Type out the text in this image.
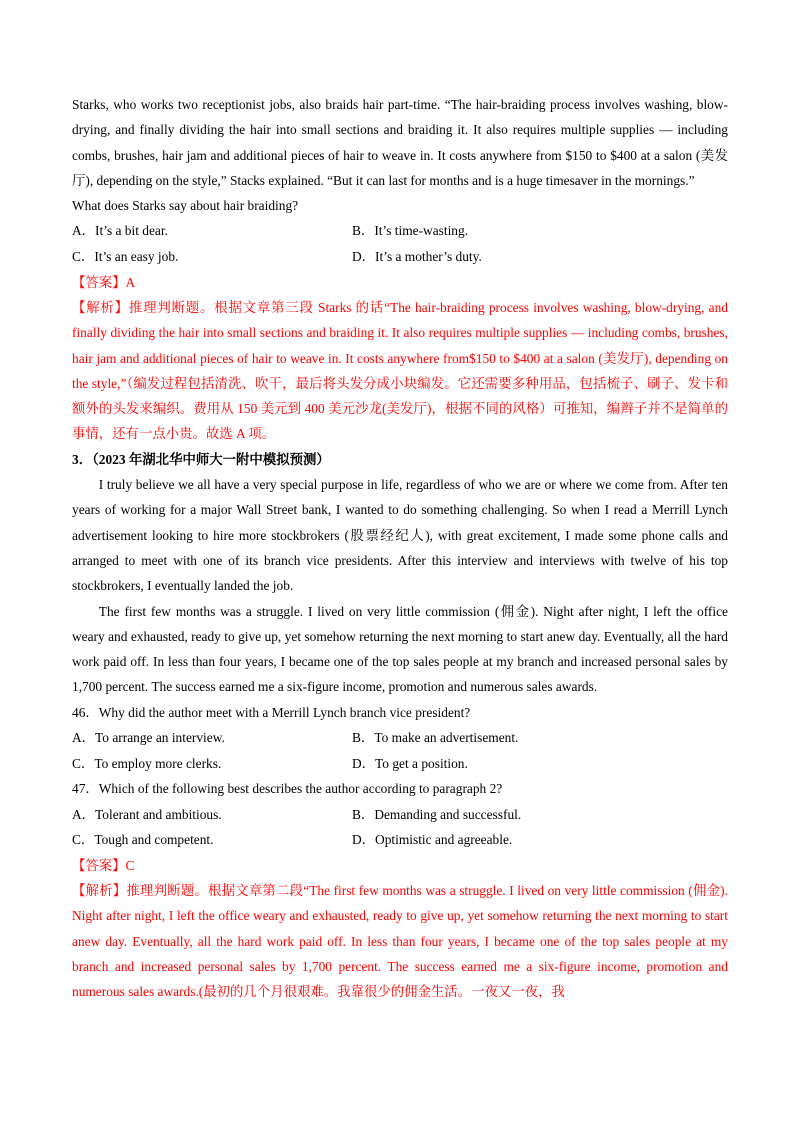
Starks, who works two receptionist jobs, also braids hair part-time. “The hair-braiding process involves washing, blow-drying, and finally dividing the hair into small sections and braiding it. It also requires multiple supplies — including combs, brushes, hair jam and additional pieces of hair to weave in. It costs anywhere from $150 to $400 at a salon (美发厅), depending on the style,” Stacks explained. “But it can last for months and is a huge timesaver in the mornings.”

What does Starks say about hair braiding?

A．It’s a bit dear.	B．It’s time-wasting.
C．It’s an easy job.	D．It’s a mother’s duty.

【答案】A

【解析】推理判断题。根据文章第三段 Starks 的话“The hair-braiding process involves washing, blow-drying, and finally dividing the hair into small sections and braiding it. It also requires multiple supplies — including combs, brushes, hair jam and additional pieces of hair to weave in. It costs anywhere from$150 to $400 at a salon (美发厅), depending on the style,”（编发过程包括清洗、吹干，最后将头发分成小块编发。它还需要多种用品，包括梳子、刷子、发卡和额外的头发来编织。费用从 150 美元到 400 美元沙龙(美发厅)，根据不同的风格）可推知，编辫子并不是简单的事情，还有一点小贵。故选 A 项。

3．（2023 年湖北华中师大一附中模拟预测）

I truly believe we all have a very special purpose in life, regardless of who we are or where we come from. After ten years of working for a major Wall Street bank, I wanted to do something challenging. So when I read a Merrill Lynch advertisement looking to hire more stockbrokers (股票经纪人), with great excitement, I made some phone calls and arranged to meet with one of its branch vice presidents. After this interview and interviews with twelve of his top stockbrokers, I eventually landed the job.

The first few months was a struggle. I lived on very little commission (佣金). Night after night, I left the office weary and exhausted, ready to give up, yet somehow returning the next morning to start anew day. Eventually, all the hard work paid off. In less than four years, I became one of the top sales people at my branch and increased personal sales by 1,700 percent. The success earned me a six-figure income, promotion and numerous sales awards.

46．Why did the author meet with a Merrill Lynch branch vice president?

A．To arrange an interview.	B．To make an advertisement.
C．To employ more clerks.	D．To get a position.

47．Which of the following best describes the author according to paragraph 2?

A．Tolerant and ambitious.	B．Demanding and successful.
C．Tough and competent.	D．Optimistic and agreeable.

【答案】C

【解析】推理判断题。根据文章第二段“The first few months was a struggle. I lived on very little commission (佣金). Night after night, I left the office weary and exhausted, ready to give up, yet somehow returning the next morning to start anew day. Eventually, all the hard work paid off. In less than four years, I became one of the top sales people at my branch and increased personal sales by 1,700 percent. The success earned me a six-figure income, promotion and numerous sales awards.(最初的几个月很艰难。我靠很少的佣金生活。一夜又一夜，我
